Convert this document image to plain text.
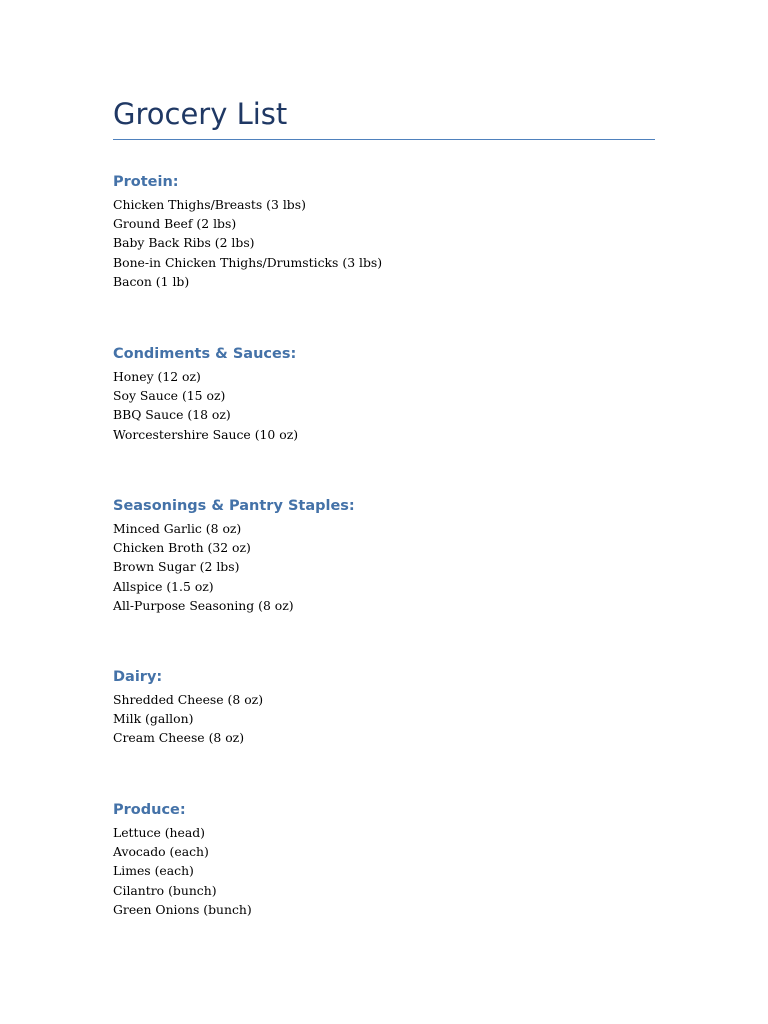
Grocery List
Protein:
Chicken Thighs/Breasts (3 lbs)
Ground Beef (2 lbs)
Baby Back Ribs (2 lbs)
Bone-in Chicken Thighs/Drumsticks (3 lbs)
Bacon (1 lb)
Condiments & Sauces:
Honey (12 oz)
Soy Sauce (15 oz)
BBQ Sauce (18 oz)
Worcestershire Sauce (10 oz)
Seasonings & Pantry Staples:
Minced Garlic (8 oz)
Chicken Broth (32 oz)
Brown Sugar (2 lbs)
Allspice (1.5 oz)
All-Purpose Seasoning (8 oz)
Dairy:
Shredded Cheese (8 oz)
Milk (gallon)
Cream Cheese (8 oz)
Produce:
Lettuce (head)
Avocado (each)
Limes (each)
Cilantro (bunch)
Green Onions (bunch)
